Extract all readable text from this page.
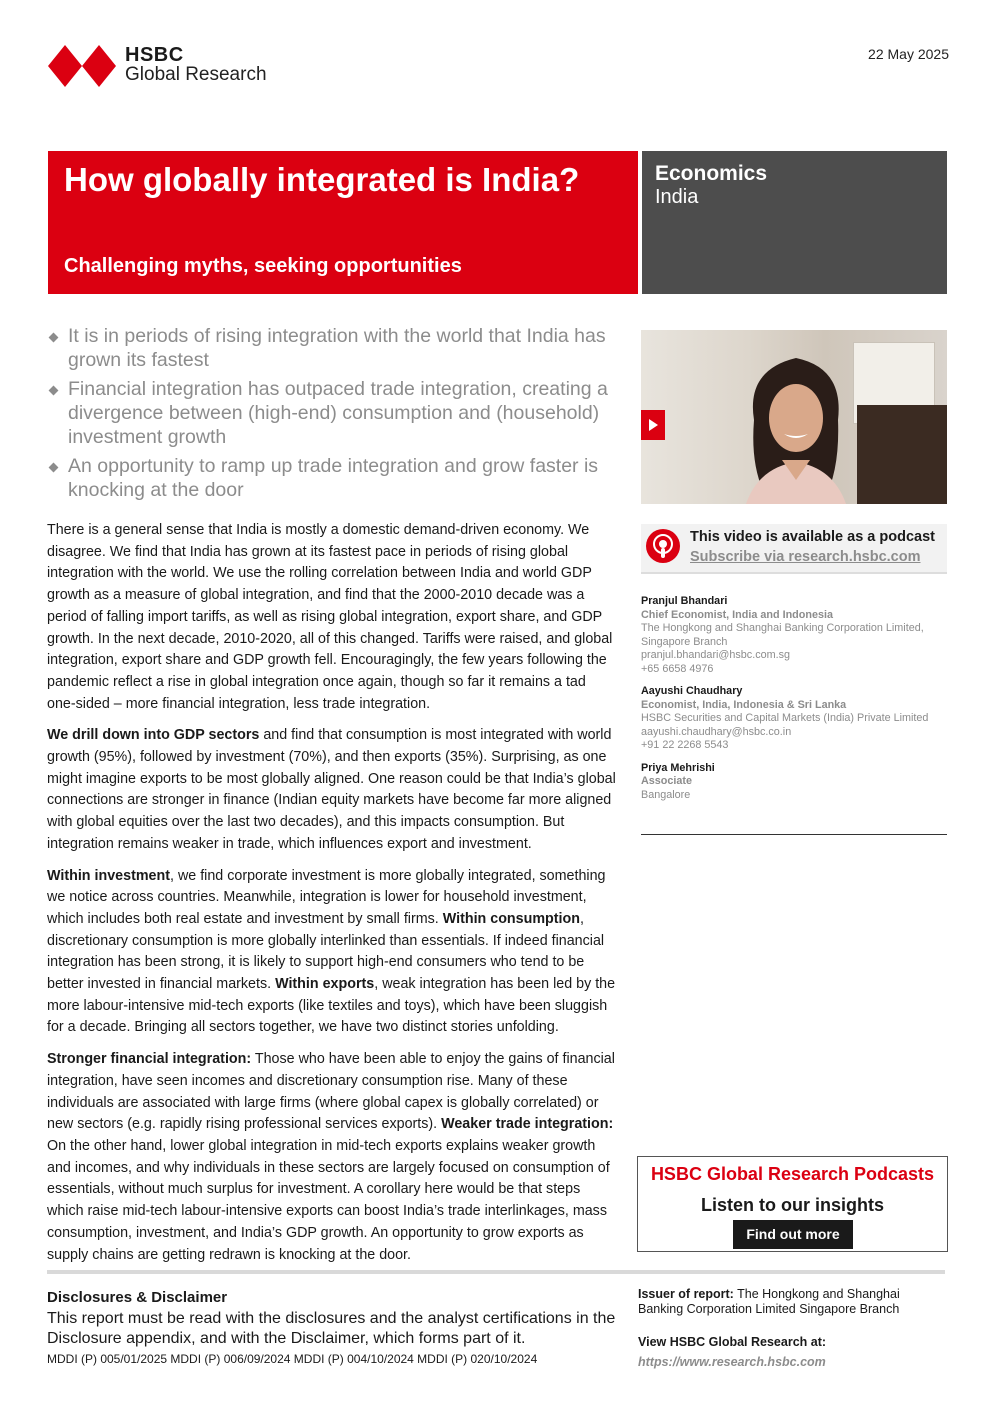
HSBC
Global Research
22 May 2025
How globally integrated is India?
Challenging myths, seeking opportunities
Economics
India
It is in periods of rising integration with the world that India has grown its fastest
Financial integration has outpaced trade integration, creating a divergence between (high-end) consumption and (household) investment growth
An opportunity to ramp up trade integration and grow faster is knocking at the door

There is a general sense that India is mostly a domestic demand-driven economy. We disagree. We find that India has grown at its fastest pace in periods of rising global integration with the world. We use the rolling correlation between India and world GDP growth as a measure of global integration, and find that the 2000-2010 decade was a period of falling import tariffs, as well as rising global integration, export share, and GDP growth. In the next decade, 2010-2020, all of this changed. Tariffs were raised, and global integration, export share and GDP growth fell. Encouragingly, the few years following the pandemic reflect a rise in global integration once again, though so far it remains a tad one-sided – more financial integration, less trade integration.

We drill down into GDP sectors and find that consumption is most integrated with world growth (95%), followed by investment (70%), and then exports (35%). Surprising, as one might imagine exports to be most globally aligned. One reason could be that India’s global connections are stronger in finance (Indian equity markets have become far more aligned with global equities over the last two decades), and this impacts consumption. But integration remains weaker in trade, which influences export and investment.

Within investment, we find corporate investment is more globally integrated, something we notice across countries. Meanwhile, integration is lower for household investment, which includes both real estate and investment by small firms. Within consumption, discretionary consumption is more globally interlinked than essentials. If indeed financial integration has been strong, it is likely to support high-end consumers who tend to be better invested in financial markets. Within exports, weak integration has been led by the more labour-intensive mid-tech exports (like textiles and toys), which have been sluggish for a decade. Bringing all sectors together, we have two distinct stories unfolding.

Stronger financial integration: Those who have been able to enjoy the gains of financial integration, have seen incomes and discretionary consumption rise. Many of these individuals are associated with large firms (where global capex is globally correlated) or new sectors (e.g. rapidly rising professional services exports). Weaker trade integration: On the other hand, lower global integration in mid-tech exports explains weaker growth and incomes, and why individuals in these sectors are largely focused on consumption of essentials, without much surplus for investment. A corollary here would be that steps which raise mid-tech labour-intensive exports can boost India’s trade interlinkages, mass consumption, investment, and India’s GDP growth. An opportunity to grow exports as supply chains are getting redrawn is knocking at the door.

This video is available as a podcast
Subscribe via research.hsbc.com
Pranjul Bhandari
Chief Economist, India and Indonesia
The Hongkong and Shanghai Banking Corporation Limited, Singapore Branch
pranjul.bhandari@hsbc.com.sg
+65 6658 4976
Aayushi Chaudhary
Economist, India, Indonesia & Sri Lanka
HSBC Securities and Capital Markets (India) Private Limited
aayushi.chaudhary@hsbc.co.in
+91 22 2268 5543
Priya Mehrishi
Associate
Bangalore
HSBC Global Research Podcasts
Listen to our insights
Find out more
Disclosures & Disclaimer
This report must be read with the disclosures and the analyst certifications in the Disclosure appendix, and with the Disclaimer, which forms part of it.
MDDI (P) 005/01/2025 MDDI (P) 006/09/2024 MDDI (P) 004/10/2024 MDDI (P) 020/10/2024
Issuer of report: The Hongkong and Shanghai Banking Corporation Limited Singapore Branch
View HSBC Global Research at:
https://www.research.hsbc.com
